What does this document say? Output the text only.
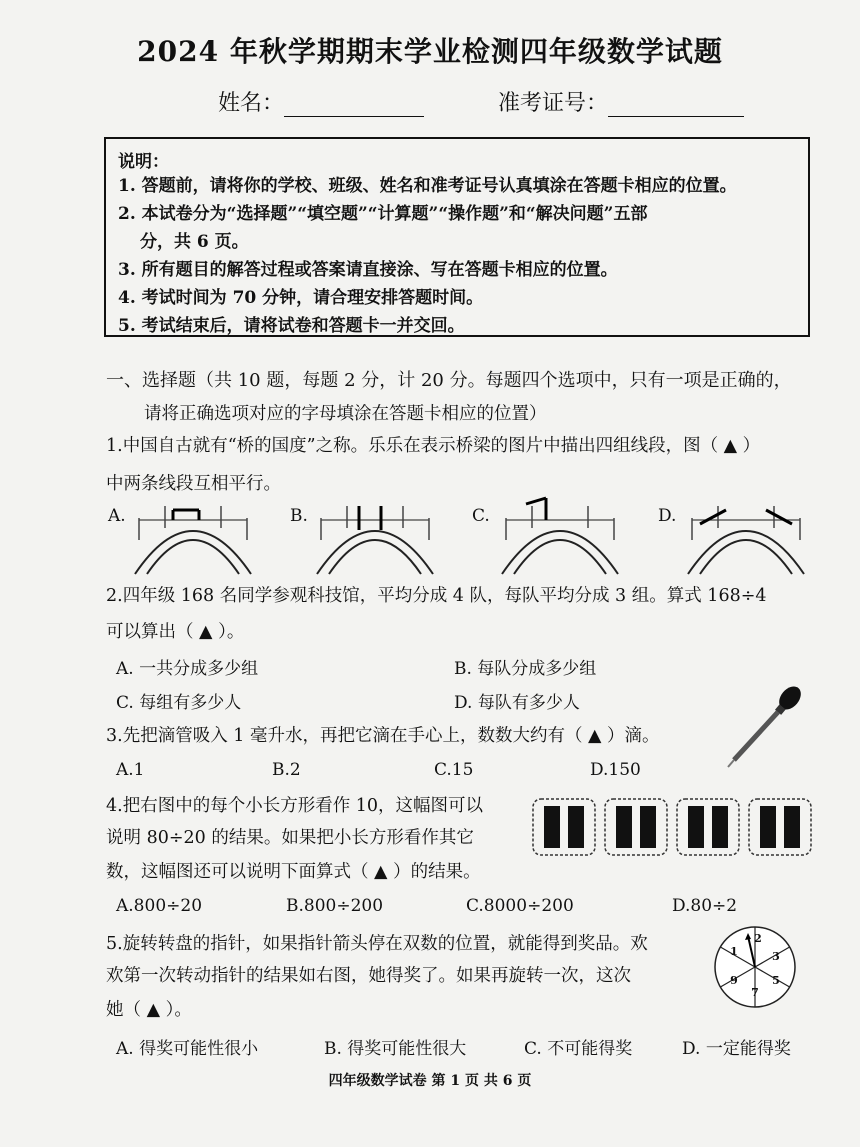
2024 年秋学期期末学业检测四年级数学试题
姓名：	准考证号：
说明：
1. 答题前，请将你的学校、班级、姓名和准考证号认真填涂在答题卡相应的位置。
2. 本试卷分为“选择题”“填空题”“计算题”“操作题”和“解决问题”五部
分，共 6 页。
3. 所有题目的解答过程或答案请直接涂、写在答题卡相应的位置。
4. 考试时间为 70 分钟，请合理安排答题时间。
5. 考试结束后，请将试卷和答题卡一并交回。
一、选择题（共 10 题，每题 2 分，计 20 分。每题四个选项中，只有一项是正确的，
请将正确选项对应的字母填涂在答题卡相应的位置）
1.中国自古就有“桥的国度”之称。乐乐在表示桥梁的图片中描出四组线段，图（ ▲ ）
中两条线段互相平行。
A.	B.	C.	D.
2.四年级 168 名同学参观科技馆，平均分成 4 队，每队平均分成 3 组。算式 168÷4
可以算出（ ▲ ）。
A. 一共分成多少组	B. 每队分成多少组
C. 每组有多少人	D. 每队有多少人
3.先把滴管吸入 1 毫升水，再把它滴在手心上，数数大约有（ ▲ ）滴。
A.1	B.2	C.15	D.150
4.把右图中的每个小长方形看作 10，这幅图可以
说明 80÷20 的结果。如果把小长方形看作其它
数，这幅图还可以说明下面算式（ ▲ ）的结果。
A.800÷20	B.800÷200	C.8000÷200	D.80÷2
5.旋转转盘的指针，如果指针箭头停在双数的位置，就能得到奖品。欢
欢第一次转动指针的结果如右图，她得奖了。如果再旋转一次，这次
她（ ▲ ）。
1
2
3
5
7
9
A. 得奖可能性很小	B. 得奖可能性很大	C. 不可能得奖	D. 一定能得奖
四年级数学试卷 第 1 页 共 6 页
